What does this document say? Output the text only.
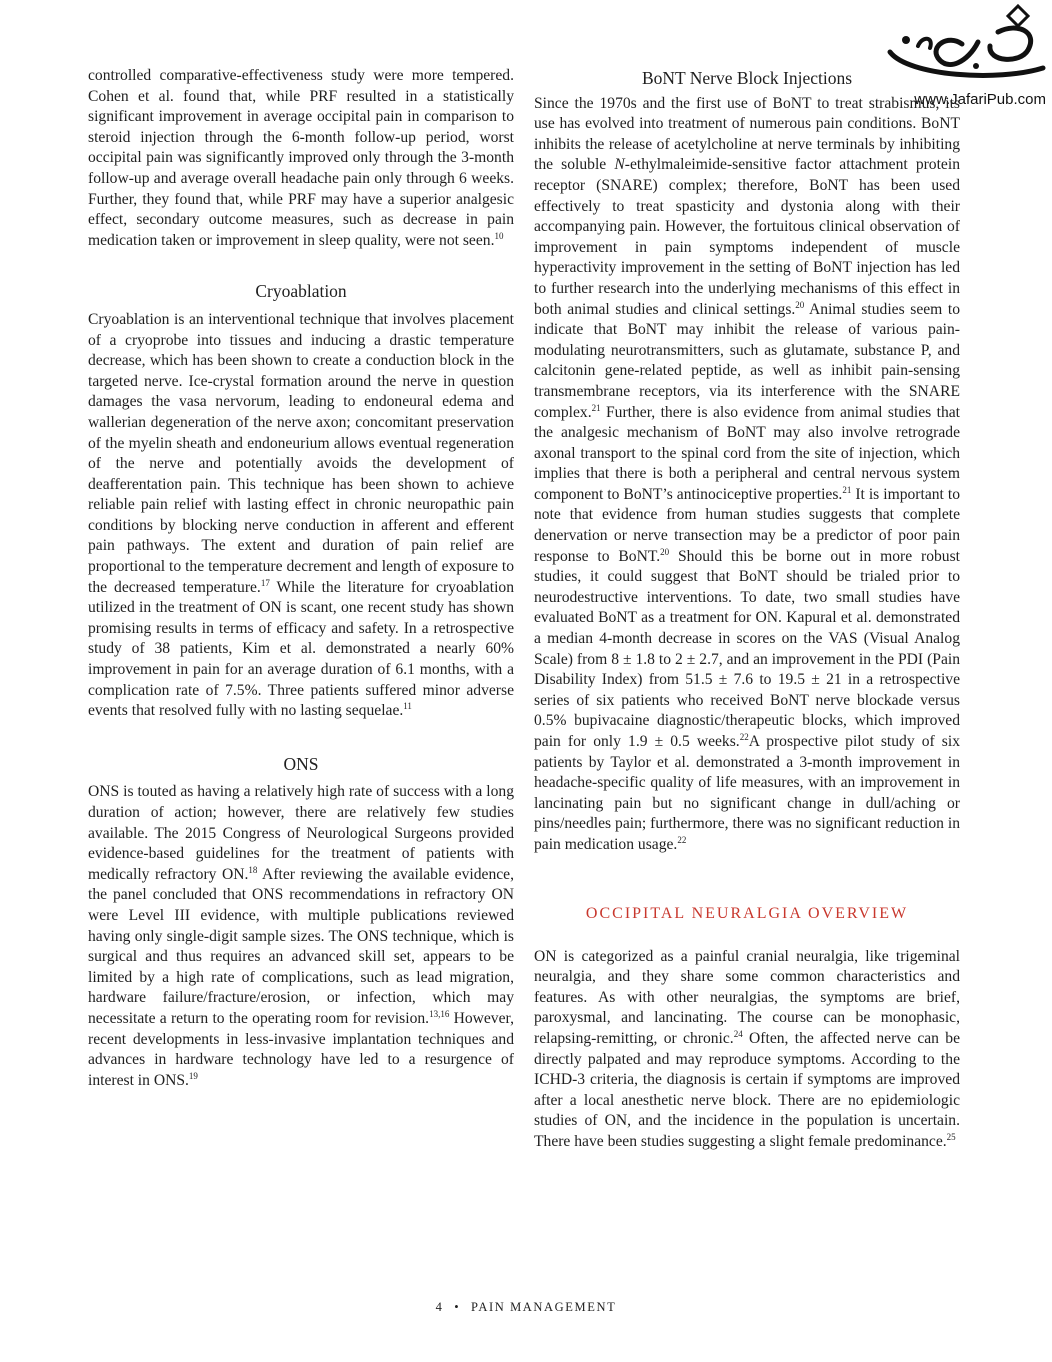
www.JafariPub.com

controlled comparative-effectiveness study were more tempered. Cohen et al. found that, while PRF resulted in a statistically significant improvement in average occipital pain in comparison to steroid injection through the 6-month follow-up period, worst occipital pain was significantly improved only through the 3-month follow-up and average overall headache pain only through 6 weeks. Further, they found that, while PRF may have a superior analgesic effect, secondary outcome measures, such as decrease in pain medication taken or improvement in sleep quality, were not seen.$^{10}$

Cryoablation

Cryoablation is an interventional technique that involves placement of a cryoprobe into tissues and inducing a drastic temperature decrease, which has been shown to create a conduction block in the targeted nerve. Ice-crystal formation around the nerve in question damages the vasa nervorum, leading to endoneural edema and wallerian degeneration of the nerve axon; concomitant preservation of the myelin sheath and endoneurium allows eventual regeneration of the nerve and potentially avoids the development of deafferentation pain. This technique has been shown to achieve reliable pain relief with lasting effect in chronic neuropathic pain conditions by blocking nerve conduction in afferent and efferent pain pathways. The extent and duration of pain relief are proportional to the temperature decrement and length of exposure to the decreased temperature.$^{17}$ While the literature for cryoablation utilized in the treatment of ON is scant, one recent study has shown promising results in terms of efficacy and safety. In a retrospective study of 38 patients, Kim et al. demonstrated a nearly 60% improvement in pain for an average duration of 6.1 months, with a complication rate of 7.5%. Three patients suffered minor adverse events that resolved fully with no lasting sequelae.$^{11}$

ONS

ONS is touted as having a relatively high rate of success with a long duration of action; however, there are relatively few studies available. The 2015 Congress of Neurological Surgeons provided evidence-based guidelines for the treatment of patients with medically refractory ON.$^{18}$ After reviewing the available evidence, the panel concluded that ONS recommendations in refractory ON were Level III evidence, with multiple publications reviewed having only single-digit sample sizes. The ONS technique, which is surgical and thus requires an advanced skill set, appears to be limited by a high rate of complications, such as lead migration, hardware failure/fracture/erosion, or infection, which may necessitate a return to the operating room for revision.$^{13,16}$ However, recent developments in less-invasive implantation techniques and advances in hardware technology have led to a resurgence of interest in ONS.$^{19}$

BoNT Nerve Block Injections

Since the 1970s and the first use of BoNT to treat strabismus, its use has evolved into treatment of numerous pain conditions. BoNT inhibits the release of acetylcholine at nerve terminals by inhibiting the soluble N-ethylmaleimide-sensitive factor attachment protein receptor (SNARE) complex; therefore, BoNT has been used effectively to treat spasticity and dystonia along with their accompanying pain. However, the fortuitous clinical observation of improvement in pain symptoms independent of muscle hyperactivity improvement in the setting of BoNT injection has led to further research into the underlying mechanisms of this effect in both animal studies and clinical settings.$^{20}$ Animal studies seem to indicate that BoNT may inhibit the release of various pain-modulating neurotransmitters, such as glutamate, substance P, and calcitonin gene-related peptide, as well as inhibit pain-sensing transmembrane receptors, via its interference with the SNARE complex.$^{21}$ Further, there is also evidence from animal studies that the analgesic mechanism of BoNT may also involve retrograde axonal transport to the spinal cord from the site of injection, which implies that there is both a peripheral and central nervous system component to BoNT’s antinociceptive properties.$^{21}$ It is important to note that evidence from human studies suggests that complete denervation or nerve transection may be a predictor of poor pain response to BoNT.$^{20}$ Should this be borne out in more robust studies, it could suggest that BoNT should be trialed prior to neurodestructive interventions. To date, two small studies have evaluated BoNT as a treatment for ON. Kapural et al. demonstrated a median 4-month decrease in scores on the VAS (Visual Analog Scale) from 8 ± 1.8 to 2 ± 2.7, and an improvement in the PDI (Pain Disability Index) from 51.5 ± 7.6 to 19.5 ± 21 in a retrospective series of six patients who received BoNT nerve blockade versus 0.5% bupivacaine diagnostic/therapeutic blocks, which improved pain for only 1.9 ± 0.5 weeks.$^{22}$A prospective pilot study of six patients by Taylor et al. demonstrated a 3-month improvement in headache-specific quality of life measures, with an improvement in lancinating pain but no significant change in dull/aching or pins/needles pain; furthermore, there was no significant reduction in pain medication usage.$^{22}$

OCCIPITAL NEURALGIA OVERVIEW

ON is categorized as a painful cranial neuralgia, like trigeminal neuralgia, and they share some common characteristics and features. As with other neuralgias, the symptoms are brief, paroxysmal, and lancinating. The course can be monophasic, relapsing-remitting, or chronic.$^{24}$ Often, the affected nerve can be directly palpated and may reproduce symptoms. According to the ICHD-3 criteria, the diagnosis is certain if symptoms are improved after a local anesthetic nerve block. There are no epidemiologic studies of ON, and the incidence in the population is uncertain. There have been studies suggesting a slight female predominance.$^{25}$

4 • PAIN MANAGEMENT
